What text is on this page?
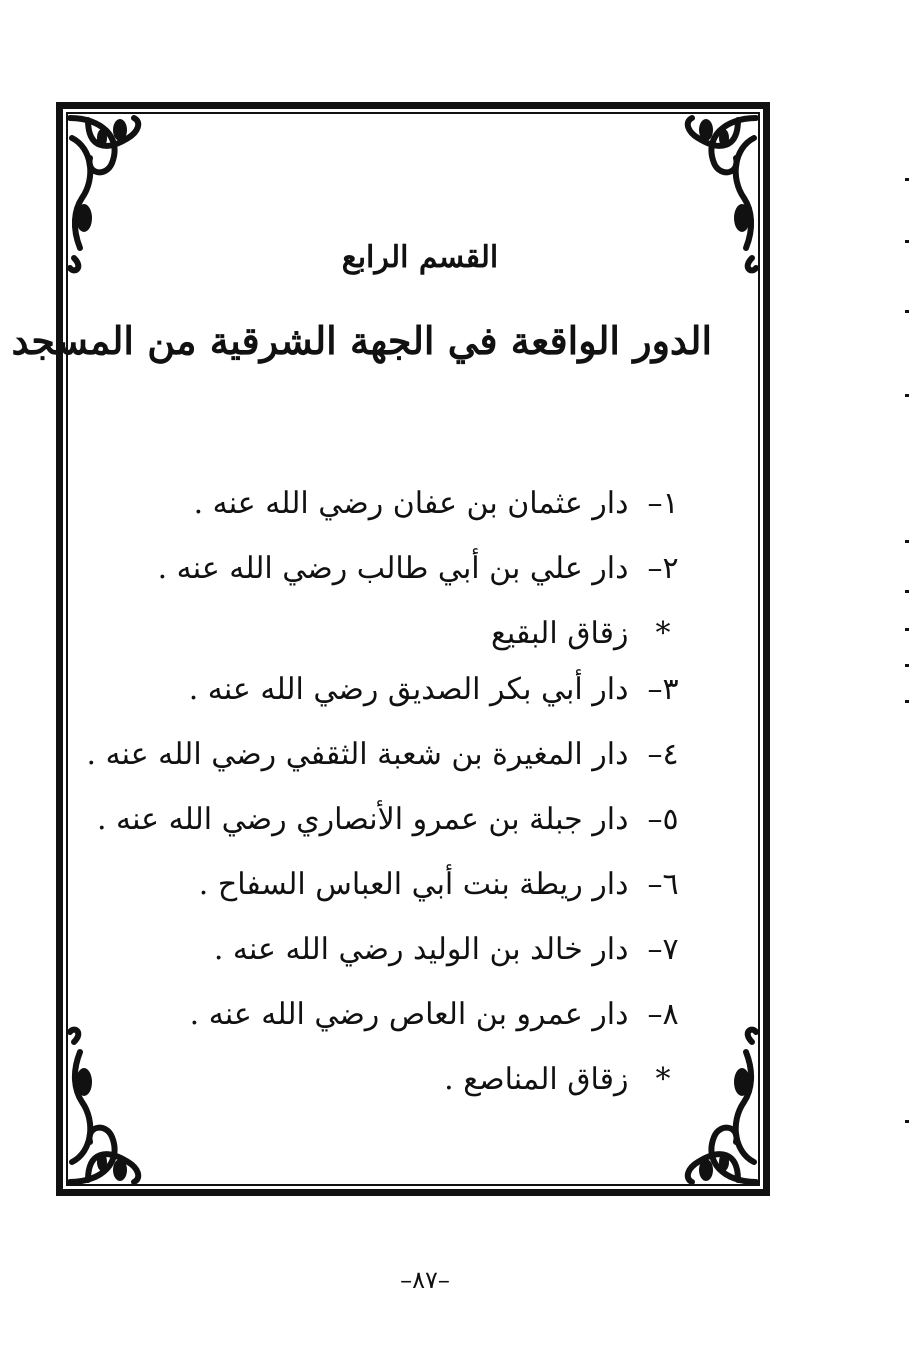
القسم الرابع
الدور الواقعة في الجهة الشرقية من المسجد
١– دار عثمان بن عفان رضي الله عنه .
٢– دار علي بن أبي طالب رضي الله عنه .
* زقاق البقيع
٣– دار أبي بكر الصديق رضي الله عنه .
٤– دار المغيرة بن شعبة الثقفي رضي الله عنه .
٥– دار جبلة بن عمرو الأنصاري رضي الله عنه .
٦– دار ريطة بنت أبي العباس السفاح .
٧– دار خالد بن الوليد رضي الله عنه .
٨– دار عمرو بن العاص رضي الله عنه .
* زقاق المناصع .

–٨٧–
